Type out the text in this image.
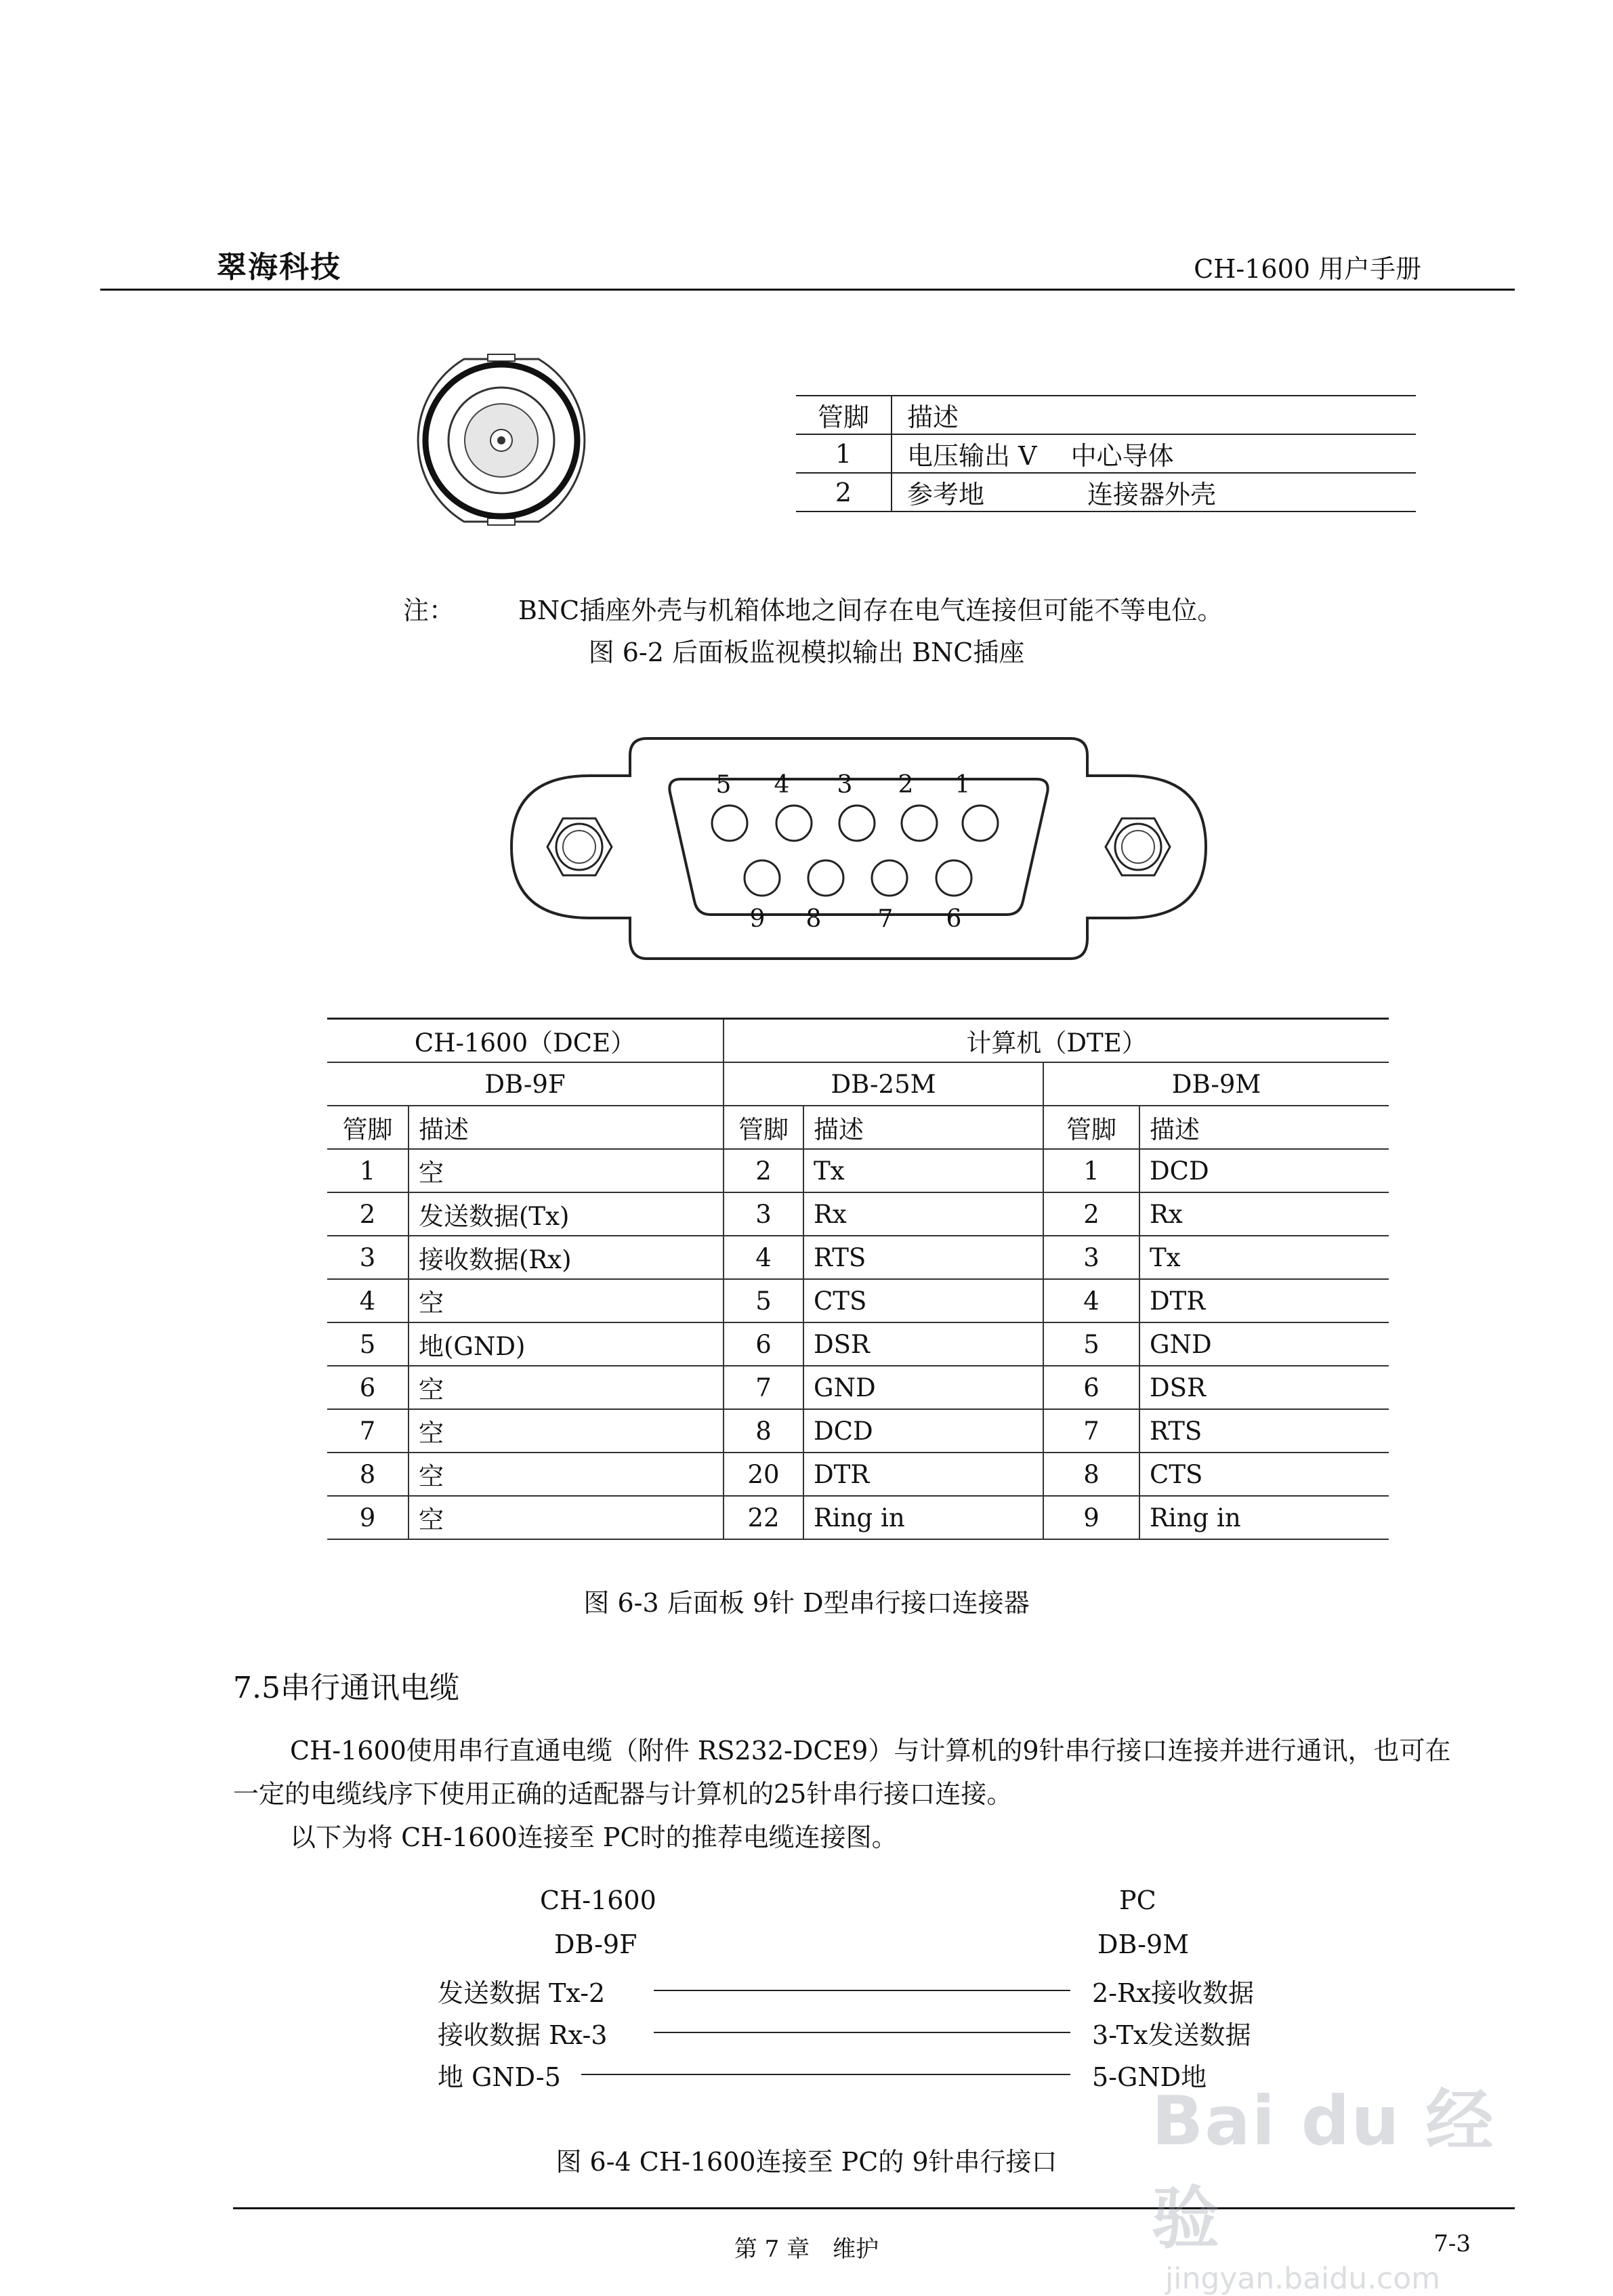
翠海科技	CH-1600 用户手册
管脚	描述
1	电压输出 V　 中心导体
2	参考地　　　　连接器外壳
注： BNC插座外壳与机箱体地之间存在电气连接但可能不等电位。
图 6-2 后面板监视模拟输出 BNC插座
5 4 3 2 1
9 8 7 6
CH-1600（DCE）		计算机（DTE）			
DB-9F		DB-25M		DB-9M	
管脚	描述	管脚	描述	管脚	描述
1	空	2	Tx	1	DCD
2	发送数据(Tx)	3	Rx	2	Rx
3	接收数据(Rx)	4	RTS	3	Tx
4	空	5	CTS	4	DTR
5	地(GND)	6	DSR	5	GND
6	空	7	GND	6	DSR
7	空	8	DCD	7	RTS
8	空	20	DTR	8	CTS
9	空	22	Ring in	9	Ring in
图 6-3 后面板 9针 D型串行接口连接器
7.5串行通讯电缆
CH-1600使用串行直通电缆（附件 RS232-DCE9）与计算机的9针串行接口连接并进行通讯，也可在
一定的电缆线序下使用正确的适配器与计算机的25针串行接口连接。
以下为将 CH-1600连接至 PC时的推荐电缆连接图。
CH-1600	PC
DB-9F	DB-9M
发送数据 Tx-2	2-Rx接收数据
接收数据 Rx-3	3-Tx发送数据
地 GND-5	5-GND地
图 6-4 CH-1600连接至 PC的 9针串行接口
第 7 章　维护	7-3
Bai du 经验
jingyan.baidu.com
